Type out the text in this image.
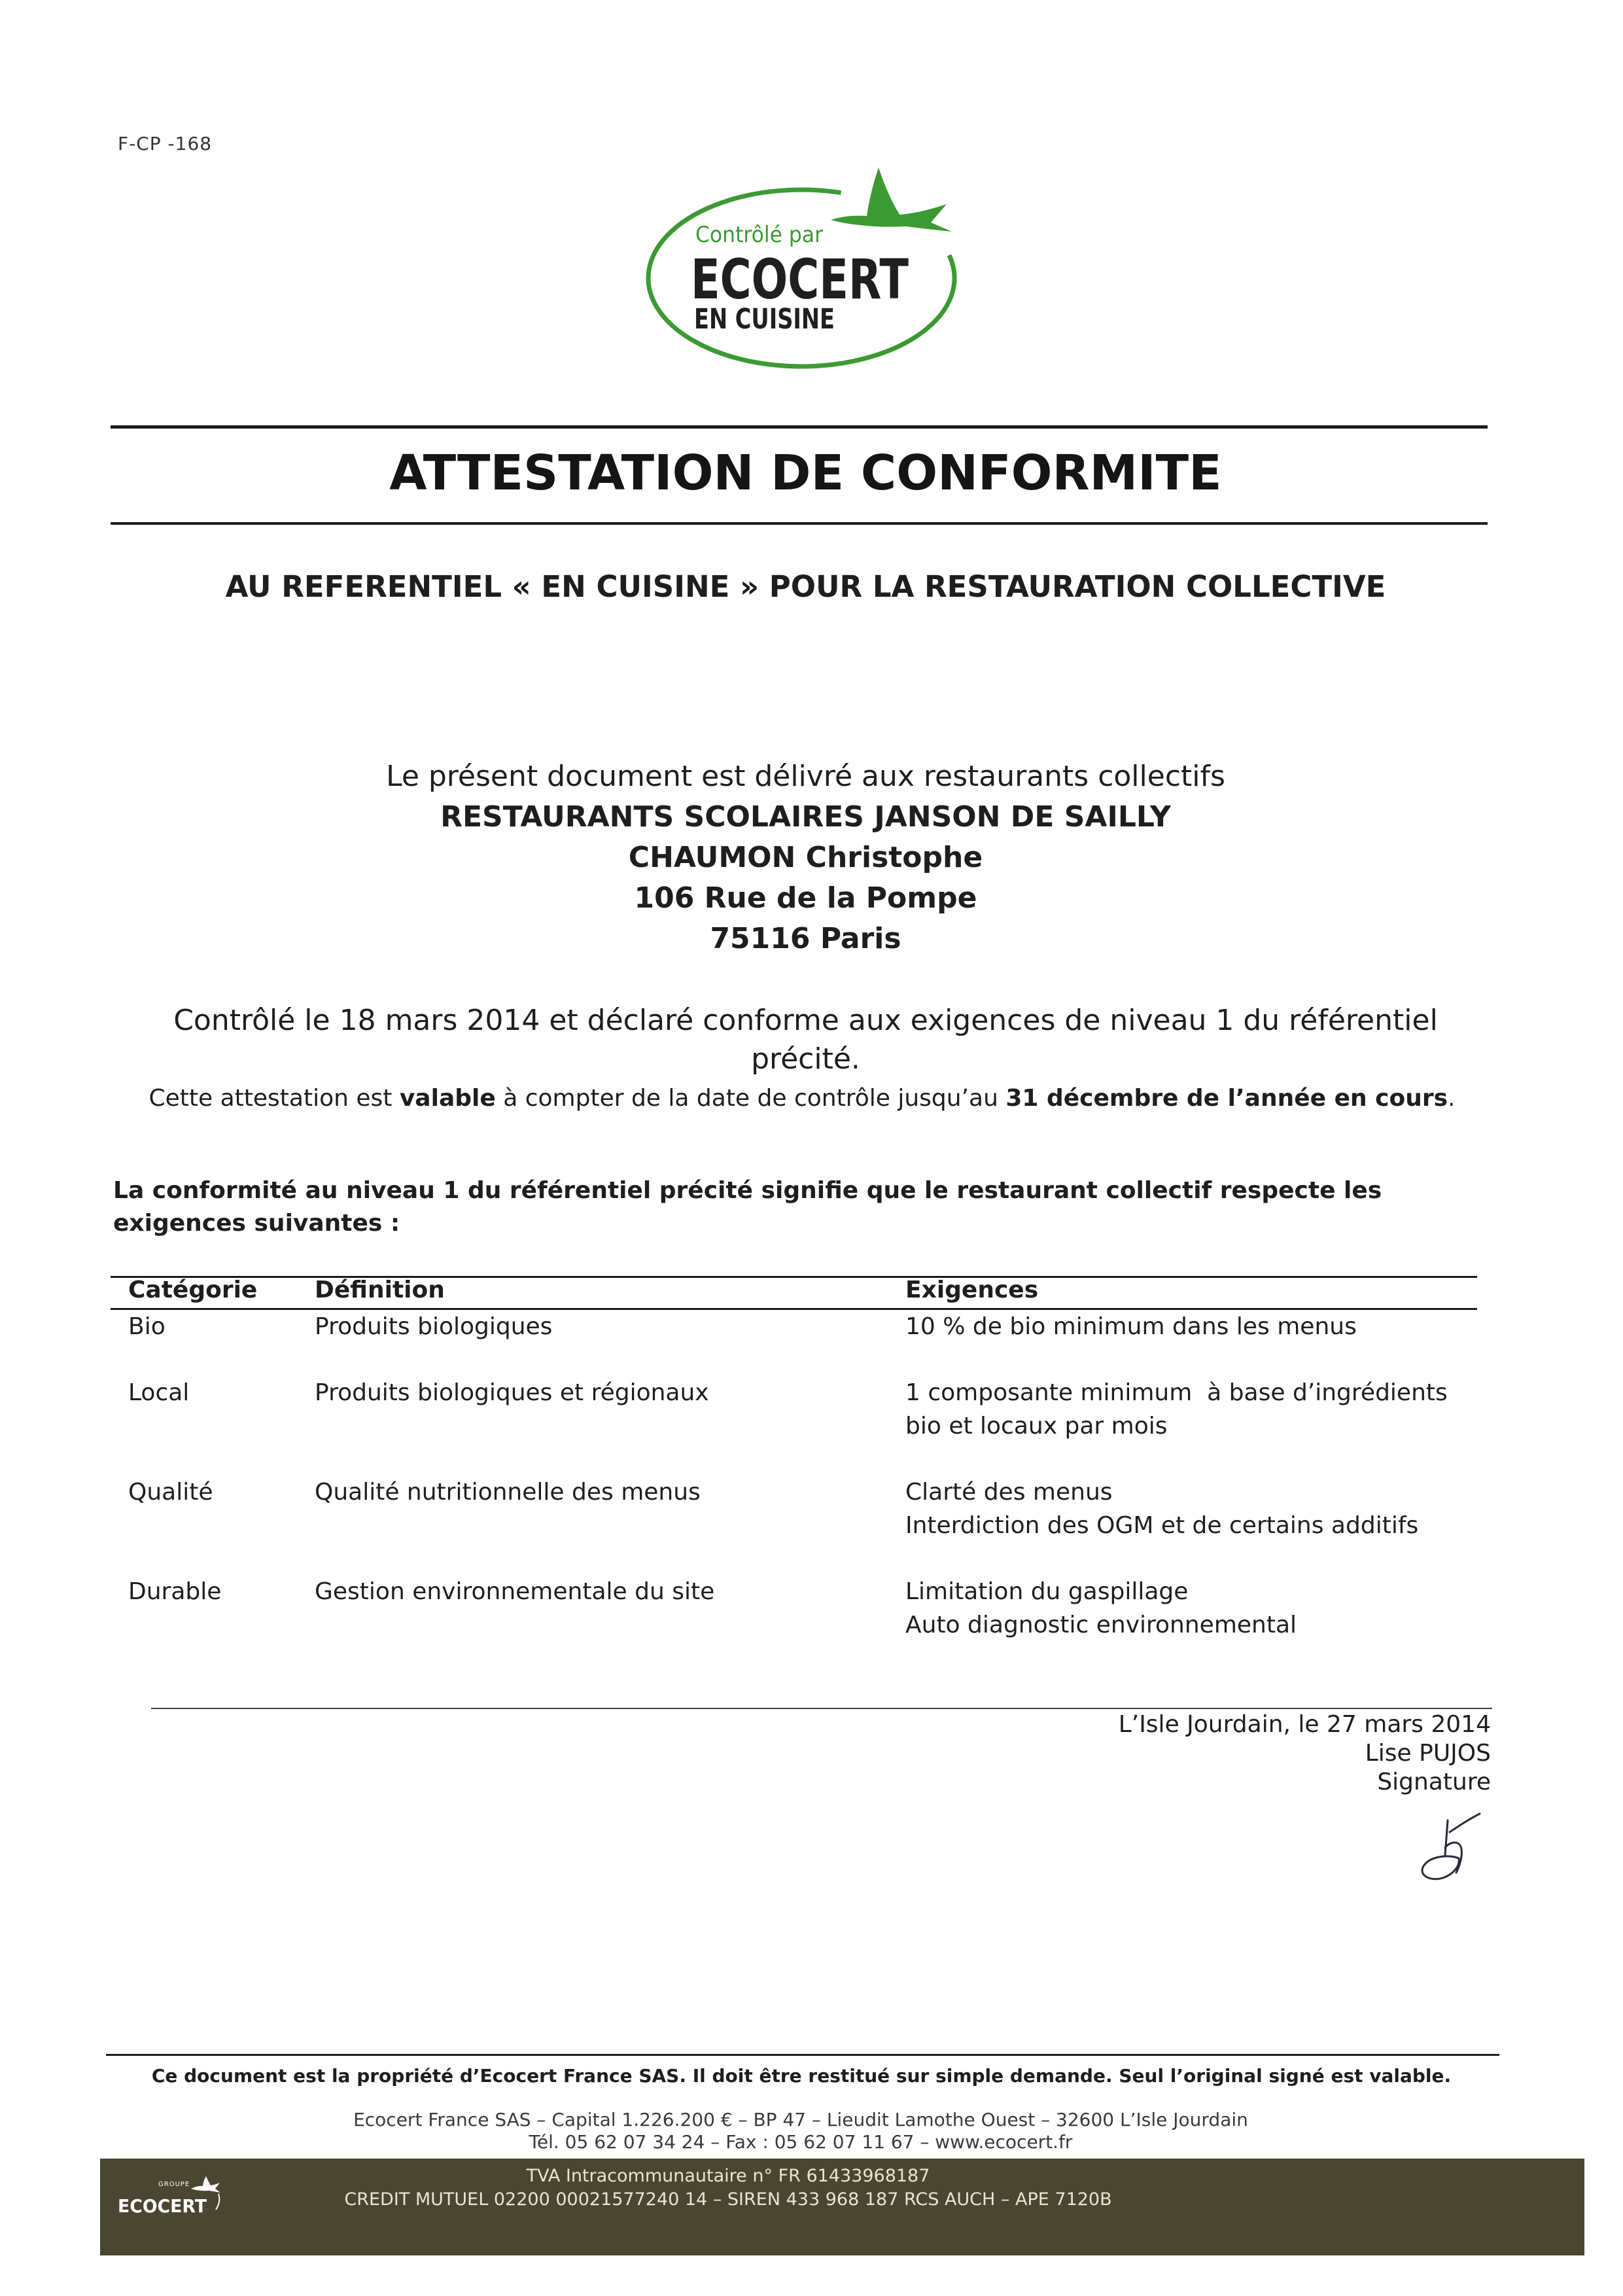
F-CP -168
Contrôlé par
ECOCERT
EN CUISINE
ATTESTATION DE CONFORMITE
AU REFERENTIEL « EN CUISINE » POUR LA RESTAURATION COLLECTIVE
Le présent document est délivré aux restaurants collectifs
RESTAURANTS SCOLAIRES JANSON DE SAILLY
CHAUMON Christophe
106 Rue de la Pompe
75116 Paris
Contrôlé le 18 mars 2014 et déclaré conforme aux exigences de niveau 1 du référentiel
précité.
Cette attestation est valable à compter de la date de contrôle jusqu’au 31 décembre de l’année en cours.
La conformité au niveau 1 du référentiel précité signifie que le restaurant collectif respecte les
exigences suivantes :
Catégorie	Définition	Exigences
Bio	Produits biologiques	10 % de bio minimum dans les menus
Local	Produits biologiques et régionaux	1 composante minimum  à base d’ingrédients
bio et locaux par mois
Qualité	Qualité nutritionnelle des menus	Clarté des menus
Interdiction des OGM et de certains additifs
Durable	Gestion environnementale du site	Limitation du gaspillage
Auto diagnostic environnemental
L’Isle Jourdain, le 27 mars 2014
Lise PUJOS
Signature
Ce document est la propriété d’Ecocert France SAS. Il doit être restitué sur simple demande. Seul l’original signé est valable.
Ecocert France SAS – Capital 1.226.200 € – BP 47 – Lieudit Lamothe Ouest – 32600 L’Isle Jourdain
Tél. 05 62 07 34 24 – Fax : 05 62 07 11 67 – www.ecocert.fr
GROUPE
ECOCERT
TVA Intracommunautaire n° FR 61433968187
CREDIT MUTUEL 02200 00021577240 14 – SIREN 433 968 187 RCS AUCH – APE 7120B
